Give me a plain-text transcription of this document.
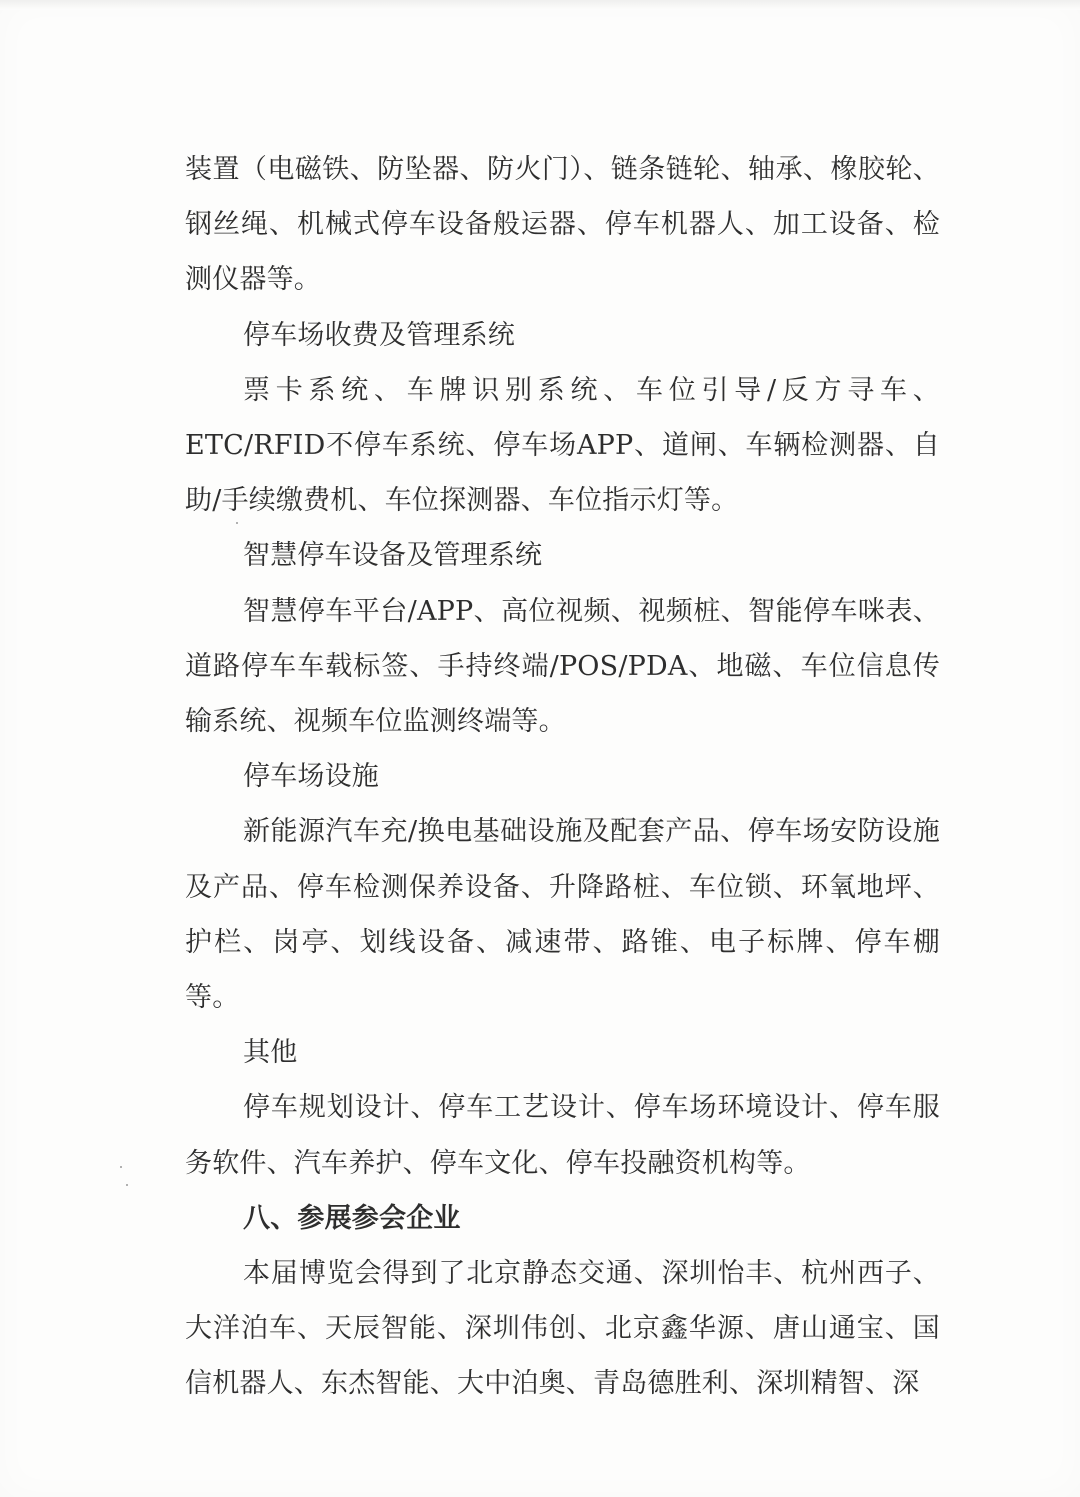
装置（电磁铁、防坠器、防火门）、链条链轮、轴承、橡胶轮、钢丝绳、机械式停车设备般运器、停车机器人、加工设备、检测仪器等。

停车场收费及管理系统

票卡系统、车牌识别系统、车位引导/反方寻车、ETC/RFID不停车系统、停车场APP、道闸、车辆检测器、自助/手续缴费机、车位探测器、车位指示灯等。

智慧停车设备及管理系统

智慧停车平台/APP、高位视频、视频桩、智能停车咪表、道路停车车载标签、手持终端/POS/PDA、地磁、车位信息传输系统、视频车位监测终端等。

停车场设施

新能源汽车充/换电基础设施及配套产品、停车场安防设施及产品、停车检测保养设备、升降路桩、车位锁、环氧地坪、护栏、岗亭、划线设备、减速带、路锥、电子标牌、停车棚等。

其他

停车规划设计、停车工艺设计、停车场环境设计、停车服务软件、汽车养护、停车文化、停车投融资机构等。

八、参展参会企业

本届博览会得到了北京静态交通、深圳怡丰、杭州西子、大洋泊车、天辰智能、深圳伟创、北京鑫华源、唐山通宝、国信机器人、东杰智能、大中泊奥、青岛德胜利、深圳精智、深
